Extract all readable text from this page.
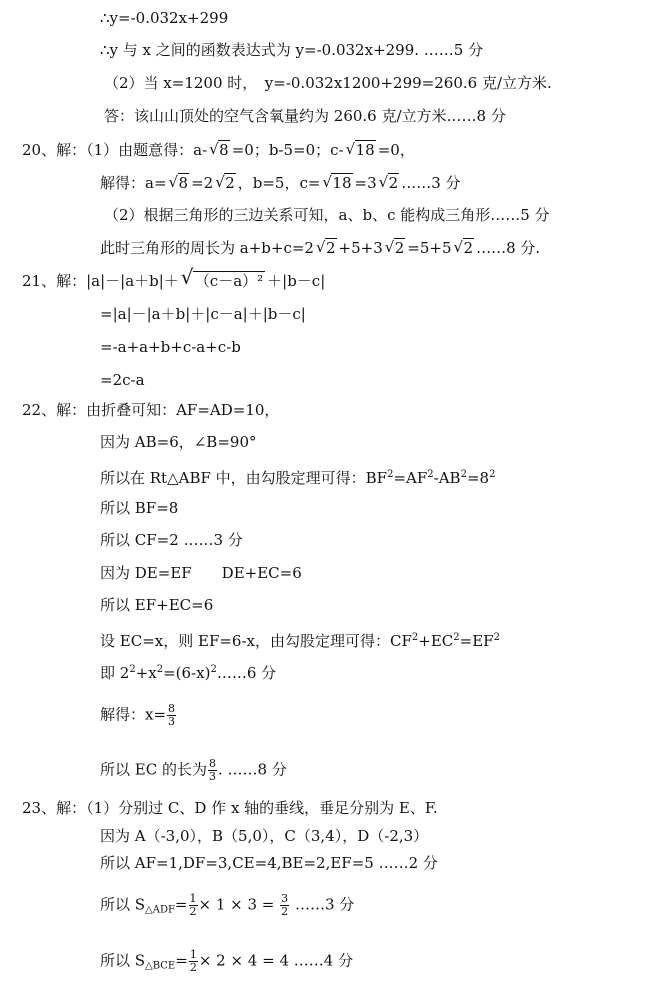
∴y=-0.032x+299
∴y 与 x 之间的函数表达式为 y=-0.032x+299. ……5 分
（2）当 x=1200 时，　y=-0.032x1200+299=260.6 克/立方米.
答：该山山顶处的空气含氧量约为 260.6 克/立方米……8 分
20、解：（1）由题意得：a- √ 8 =0；b-5=0；c- √ 18 =0，
解得：a= √ 8 =2 √ 2 ，b=5，c= √ 18 =3 √ 2 ……3 分
（2）根据三角形的三边关系可知，a、b、c 能构成三角形……5 分
此时三角形的周长为 a+b+c=2 √ 2 +5+3 √ 2 =5+5 √ 2 ……8 分.
21、解：|a|－|a＋b|＋ √ （c－a）² ＋|b－c|
=|a|－|a＋b|＋|c－a|＋|b－c|
=-a+a+b+c-a+c-b
=2c-a
22、解：由折叠可知：AF=AD=10，
因为 AB=6，∠B=90°
所以在 Rt△ABF 中，由勾股定理可得：$BF^2=AF^2-AB^2=8^2$
所以 BF=8
所以 CF=2 ……3 分
因为 DE=EF　　DE+EC=6
所以 EF+EC=6
设 EC=x，则 EF=6-x，由勾股定理可得：$CF^2+EC^2=EF^2$
即 $2^2+x^2=(6-x)^2\dots\dots 6$ 分
解得：$x= \frac{8}{3}$
所以 EC 的长为 $\frac{8}{3}$ . ……8 分
23、解：（1）分别过 C、D 作 x 轴的垂线，垂足分别为 E、F.
因为 A（-3,0），B（5,0），C（3,4），D（-2,3）
所以 AF=1,DF=3,CE=4,BE=2,EF=5 ……2 分
所以 $S_{\triangle ADF}= \frac{1}{2} \times 1 \times 3 = \frac{3}{2}$ ……3 分
所以 $S_{\triangle BCE}= \frac{1}{2} \times 2 \times 4 = 4$ ……4 分
